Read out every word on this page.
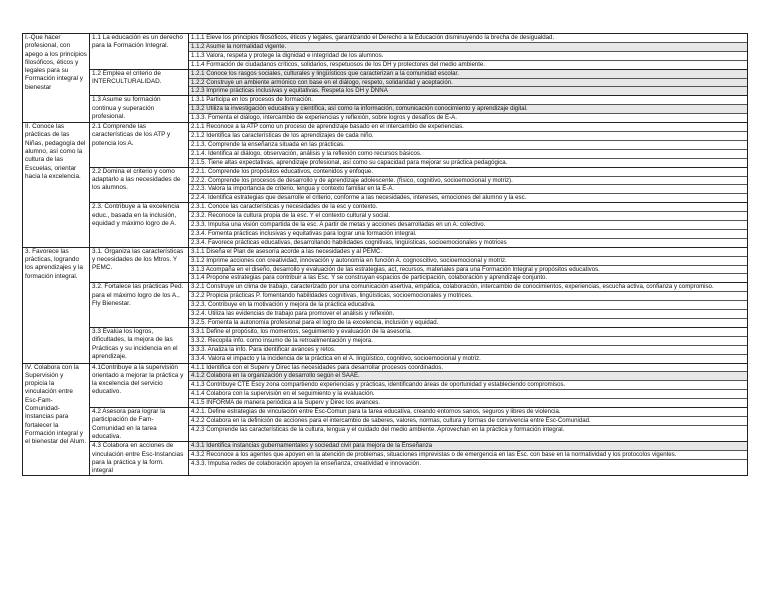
I.-Que hacer profesional, con apego a los principios filosóficos, éticos y legales para su Formación integral y bienestar	1.1 La educación es un derecho para la Formación Integral.	1.1.1 Eleve los principios filosóficos, éticos y legales, garantizando el Derecho a la Educación disminuyendo la brecha de desigualdad.
1.1.2 Asume la normalidad vigente.
1.1.3 Valora, respeta y protege la dignidad e integridad de los alumnos.
1.1.4 Formación de ciudadanos críticos, solidarios, respetuosos de los DH y protectores del medio ambiente.

	1.2 Emplea el criterio de INTERCULTURALIDAD.	1.2.1 Conoce los rasgos sociales, culturales y lingüísticos que caracterizan a la comunidad escolar.
1.2.2 Construye un ambiente armónico con base en el diálogo, respeto, solidaridad y aceptación.
1.2.3 Imprime prácticas inclusivas y equitativas. Respeta los DH y DNNA

	1.3 Asume su formación continua y superación profesional.	1.3.1 Participa en los procesos de formación.
1.3.2 Utiliza la investigación educativa y científica, así como la información, comunicación conocimiento y aprendizaje digital.
1.3.3. Fomenta el diálogo, intercambio de experiencias y reflexión, sobre logros y desafíos de E-A.

II. Conoce las prácticas de las Niñas, pedagogía del alumno, así como la cultura de las Escuelas, orientar hacia la excelencia.	2.1 Comprende las características de los ATP y potencia los A.	2.1.1 Reconoce a la ATP como un proceso de aprendizaje basado en el intercambio de experiencias.
2.1.2 Identifica las características de los aprendizajes de cada niño.
2.1.3. Comprende la enseñanza situada en las prácticas.
2.1.4. Identifica al diálogo, observación, análisis y la reflexión como recursos básicos.
2.1.5. Tiene altas expectativas, aprendizaje profesional, así como su capacidad para mejorar su práctica pedagógica.

	2.2 Domina el criterio y como adaptarlo a las necesidades de los alumnos.	2.2.1. Comprende los propósitos educativos, contenidos y enfoque.
2.2.2. Comprende los procesos de desarrollo y de aprendizaje adolescente. (físico, cognitivo, socioemocional y motriz).
2.2.3. Valora la importancia de criterio, lengua y contexto familiar en la E-A.
2.2.4. Identifica estrategias que desarrolle el criterio, conforme a las necesidades, intereses, emociones del alumno y la esc.

	2.3. Contribuye a la excelencia educ., basada en la inclusión, equidad y máximo logro de A.	2.3.1. Conoce las características y necesidades de la esc y contexto.
2.3.2. Reconoce la cultura propia de la esc. Y el contexto cultural y social.
2.3.3. Impulsa una visión compartida de la esc. A partir de metas y acciones desarrolladas en un A. colectivo.
2.3.4. Fomenta prácticas inclusivas y equitativas para lograr una formación integral.
2.3.4. Favorece prácticas educativas, desarrollando habilidades cognitivas, lingüísticas, socioemocionales y motrices

3. Favorece las prácticas, logrando los aprendizajes y la formación integral.	3.1. Organiza las características y necesidades de los Mtros. Y PEMC.	3.1.1 Diseña el Plan de asesoría acorde a las necesidades y al PEMC.
3.1.2 Imprime acciones con creatividad, innovación y autonomía en función A. cognoscitivo, socioemocional y motriz.
3.1.3 Acompaña en el diseño, desarrollo y evaluación de las estrategias, act, recursos, materiales para una Formación Integral y propósitos educativos.
3.1.4 Propone estrategias para contribuir a las Esc. Y se construyan espacios de participación, colaboración y aprendizaje conjunto.

	3.2. Fortalece las prácticas Ped. para el máximo logro de los A., Fly Bienestar.	3.2.1 Construye un clima de trabajo, caracterizado por una comunicación asertiva, empática, colaboración, intercambio de conocimientos, experiencias, escucha activa, confianza y compromiso.
3.2.2 Propicia prácticas P. fomentando habilidades cognitivas, lingüísticas, socioemocionales y motrices.
3.2.3. Contribuye en la motivación y mejora de la práctica educativa.
3.2.4. Utiliza las evidencias de trabajo para promover el análisis y reflexión.
3.2.5. Fomenta la autonomía profesional para el logro de la excelencia, inclusión y equidad.

	3.3 Evalúa los logros, dificultades, la mejora de las Prácticas y su incidencia en el aprendizaje.	3.3.1 Define el propósito, los momentos, seguimiento y evaluación de la asesoría.
3.3.2. Recopila info. como insumo de la retroalimentación y mejora.
3.3.3. Analiza la info. Para identificar avances y retos.
3.3.4. Valora el impacto y la incidencia de la práctica en el A. lingüístico, cognitivo, socioemocional y motriz.

IV. Colabora con la Supervisión y propicia la vinculación entre Esc-Fam-Comunidad-Instancias para fortalecer la Formación integral y el bienestar del Alum.	4.1Contribuye a la supervisión orientado a mejorar la práctica y la excelencia del servicio educativo.	4.1.1 Identifica con el Superv y Direc las necesidades para desarrollar procesos coordinados.
4.1.2 Colabora en la organización y desarrollo según el SAAE.
4.1.3 Contribuye CTE Escy zona compartiendo experiencias y prácticas, identificando áreas de oportunidad y estableciendo compromisos.
4.1.4 Colabora con la supervisión en el seguimiento y la evaluación.
4.1.5 INFORMA de manera periódica a la Superv y Direc los avances.

	4.2 Asesora para lograr la participación de Fam-Comunidad en la tarea educativa.	4.2.1. Define estrategias de vinculación entre Esc-Comun para la tarea educativa, creando entornos sanos, seguros y libres de violencia.
4.2.2 Colabora en la definición de acciones para el intercambio de saberes, valores, normas, cultura y formas de convivencia entre Esc-Comunidad.
4.2.3 Comprende las características de la cultura, lengua y el cuidado del medio ambiente. Aprovechan en la práctica y formación integral.

	4.3 Colabora en acciones de vinculación entre Esc-Instancias para la práctica y la form. integral	4.3.1 Identifica instancias gubernamentales y sociedad civil para mejora de la Enseñanza
4.3.2 Reconoce a los agentes que apoyen en la atención de problemas, situaciones imprevistas o de emergencia en las Esc. con base en la normatividad y los protocolos vigentes.
4.3.3. Impulsa redes de colaboración apoyen la enseñanza, creatividad e innovación.
